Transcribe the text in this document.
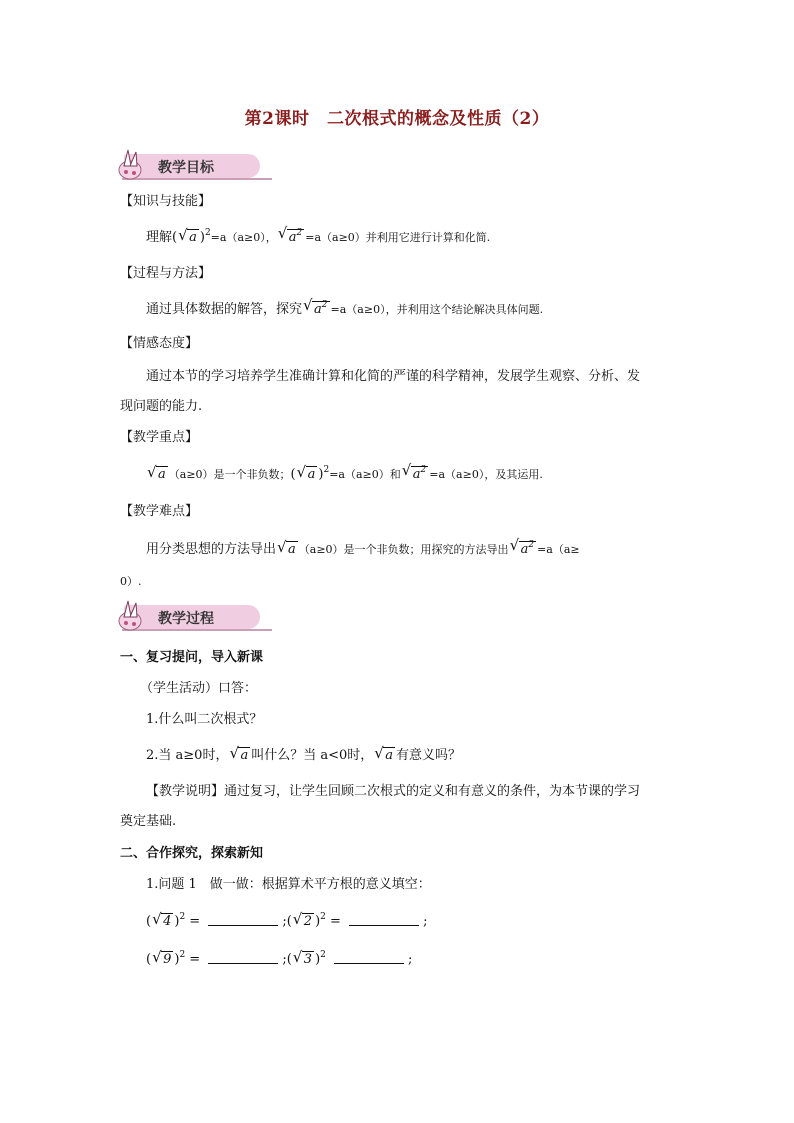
第2课时　二次根式的概念及性质（2）
教学目标
【知识与技能】
理解( √ a )$^2$=a（a≥0）， √ $a^2 =a(a\ge 0)$并利用它进行计算和化简.
【过程与方法】
通过具体数据的解答，探究 √ $a^2 =a(a\ge 0)$，并利用这个结论解决具体问题.
【情感态度】
通过本节的学习培养学生准确计算和化简的严谨的科学精神，发展学生观察、分析、发
现问题的能力.
【教学重点】
√ a （a≥0）是一个非负数；( √ a )$^2$=a（a≥0）和 √ $a^2 =a(a\ge 0)$，及其运用.
【教学难点】
用分类思想的方法导出 √ a （a≥0）是一个非负数；用探究的方法导出 √ $a^2 =a(a\ge$
0）.
教学过程
一、复习提问，导入新课
（学生活动）口答：
1.什么叫二次根式？
2.当 a≥0时， √ a 叫什么？当 a<0时， √ a 有意义吗？
【教学说明】通过复习，让学生回顾二次根式的定义和有意义的条件，为本节课的学习
奠定基础.
二、合作探究，探索新知
1.问题 1　做一做：根据算术平方根的意义填空：
( √ 4 )$^2$ =	;( √ 2 )$^2$ =	;
( √ 9 )$^2$ =	;( √ 3 )$^2$	;
